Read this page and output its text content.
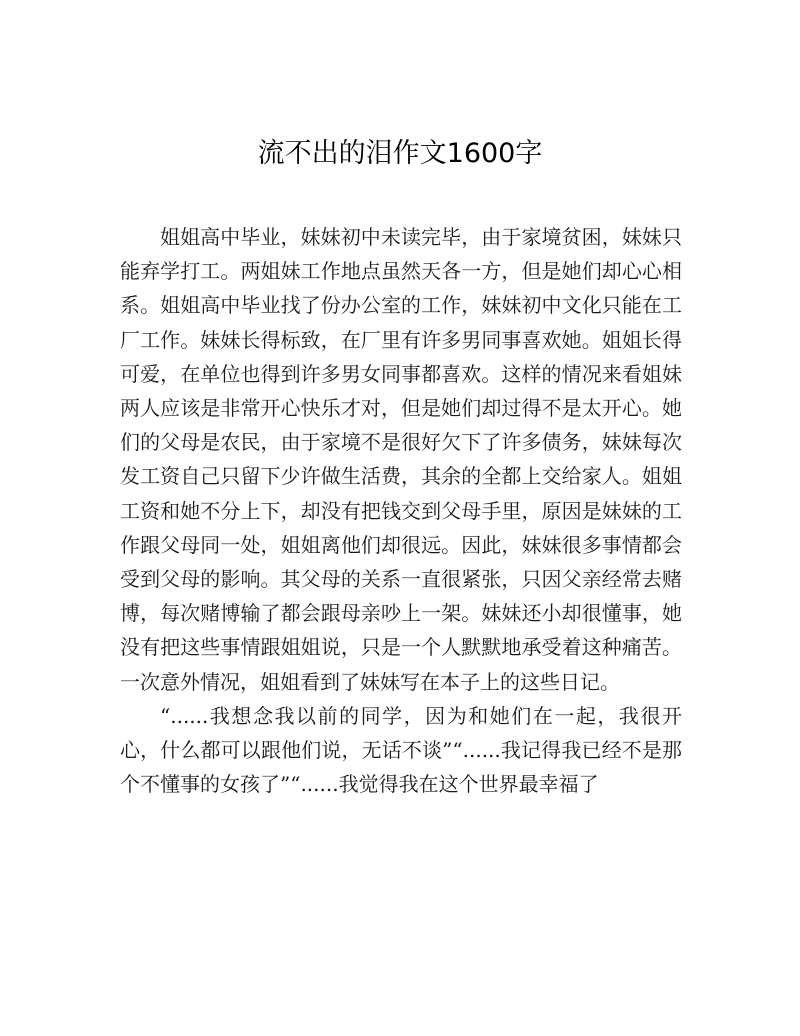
流不出的泪作文1600字

姐姐高中毕业，妹妹初中未读完毕，由于家境贫困，妹妹只能弃学打工。两姐妹工作地点虽然天各一方，但是她们却心心相系。姐姐高中毕业找了份办公室的工作，妹妹初中文化只能在工厂工作。妹妹长得标致，在厂里有许多男同事喜欢她。姐姐长得可爱，在单位也得到许多男女同事都喜欢。这样的情况来看姐妹两人应该是非常开心快乐才对，但是她们却过得不是太开心。她们的父母是农民，由于家境不是很好欠下了许多债务，妹妹每次发工资自己只留下少许做生活费，其余的全都上交给家人。姐姐工资和她不分上下，却没有把钱交到父母手里，原因是妹妹的工作跟父母同一处，姐姐离他们却很远。因此，妹妹很多事情都会受到父母的影响。其父母的关系一直很紧张，只因父亲经常去赌博，每次赌博输了都会跟母亲吵上一架。妹妹还小却很懂事，她没有把这些事情跟姐姐说，只是一个人默默地承受着这种痛苦。一次意外情况，姐姐看到了妹妹写在本子上的这些日记。

“......我想念我以前的同学，因为和她们在一起，我很开心，什么都可以跟他们说，无话不谈”“......我记得我已经不是那个不懂事的女孩了”“......我觉得我在这个世界最幸福了
